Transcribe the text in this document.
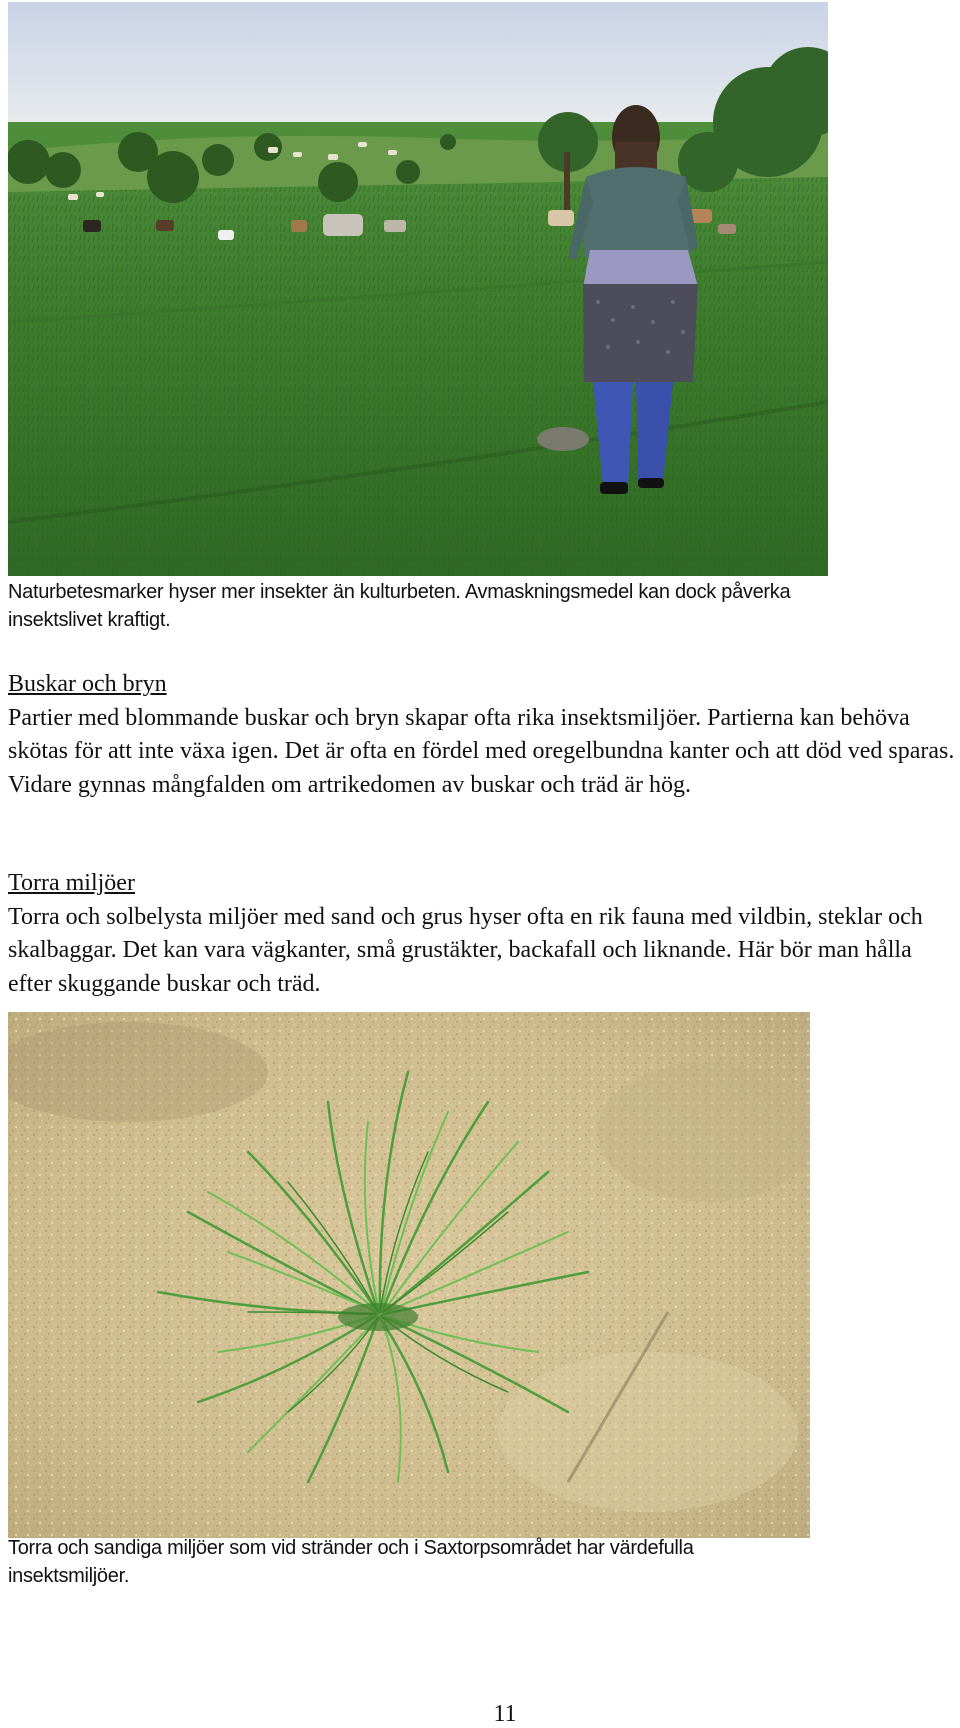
Naturbetesmarker hyser mer insekter än kulturbeten. Avmaskningsmedel kan dock påverka insektslivet kraftigt.

Buskar och bryn

Partier med blommande buskar och bryn skapar ofta rika insektsmiljöer. Partierna kan behöva skötas för att inte växa igen. Det är ofta en fördel med oregelbundna kanter och att död ved sparas. Vidare gynnas mångfalden om artrikedomen av buskar och träd är hög.

Torra miljöer

Torra och solbelysta miljöer med sand och grus hyser ofta en rik fauna med vildbin, steklar och skalbaggar. Det kan vara vägkanter, små grustäkter, backafall och liknande. Här bör man hålla efter skuggande buskar och träd.

Torra och sandiga miljöer som vid stränder och i Saxtorpsområdet har värdefulla insektsmiljöer.

11
